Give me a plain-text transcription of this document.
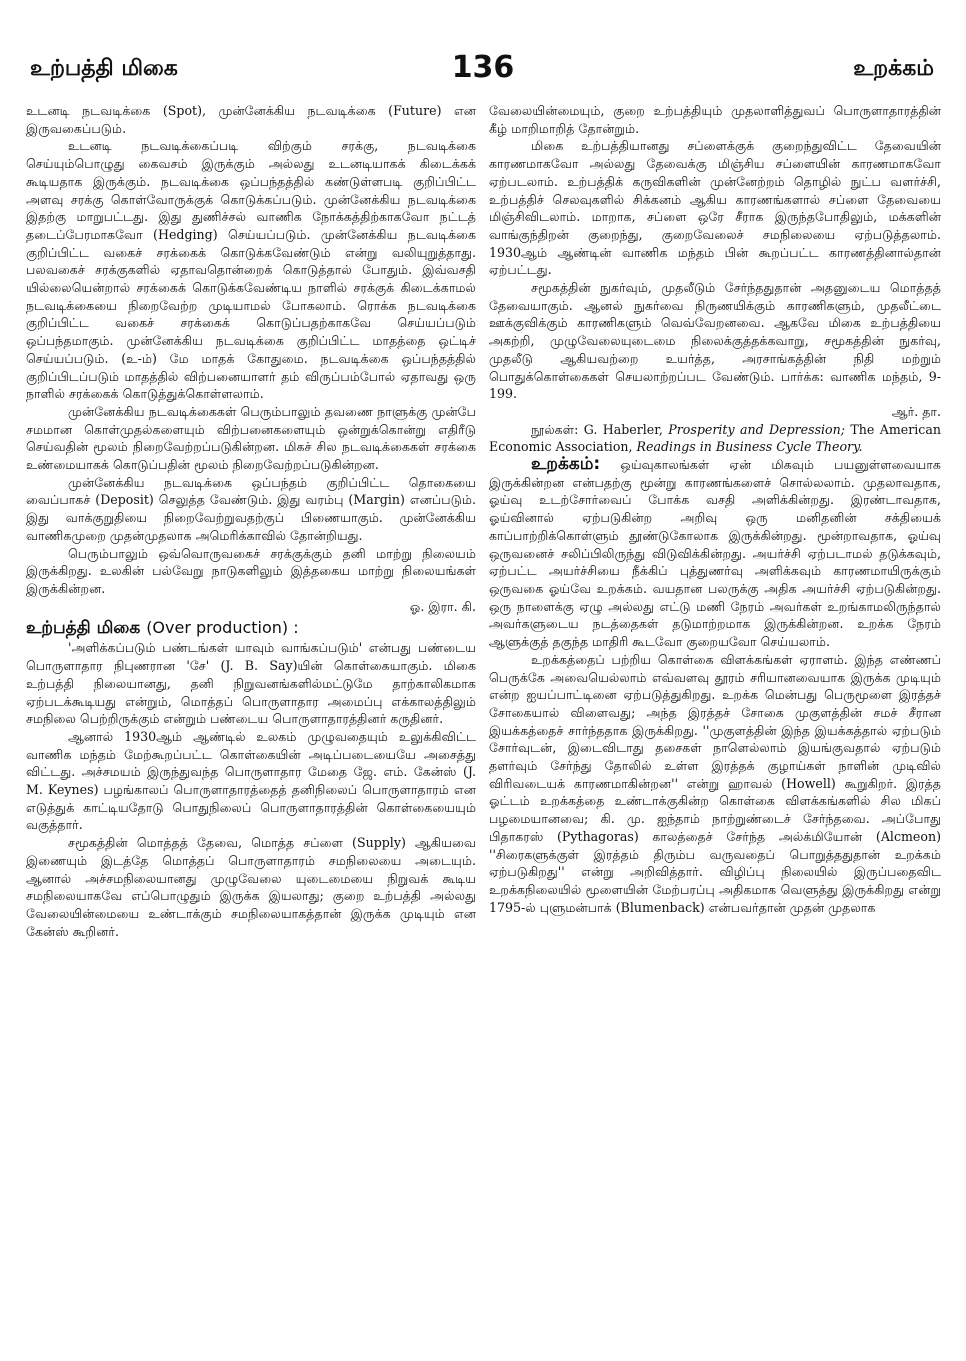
உற்பத்தி மிகை	136	உறக்கம்

உடனடி நடவடிக்கை (Spot), முன்னேக்கிய நடவடிக்கை (Future) என இருவகைப்படும்.

உடனடி நடவடிக்கைப்படி விற்கும் சரக்கு, நடவடிக்கை செய்யும்பொழுது கைவசம் இருக்கும் அல்லது உடனடியாகக் கிடைக்கக் கூடியதாக இருக்கும். நடவடிக்கை ஒப்பந்தத்தில் கண்டுள்ளபடி குறிப்பிட்ட அளவு சரக்கு கொள்வோருக்குக் கொடுக்கப்படும். முன்னேக்கிய நடவடிக்கை இதற்கு மாறுபட்டது. இது துணிச்சல் வாணிக நோக்கத்திற்காகவோ நட்டத் தடைப்பேரமாகவோ (Hedging) செய்யப்படும். முன்னேக்கிய நடவடிக்கை குறிப்பிட்ட வகைச் சரக்கைக் கொடுக்கவேண்டும் என்று வலியுறுத்தாது. பலவகைச் சரக்குகளில் ஏதாவதொன்றைக் கொடுத்தால் போதும். இவ்வசதி யில்லையென்றால் சரக்கைக் கொடுக்கவேண்டிய நாளில் சரக்குக் கிடைக்காமல் நடவடிக்கையை நிறைவேற்ற முடியாமல் போகலாம். ரொக்க நடவடிக்கை குறிப்பிட்ட வகைச் சரக்கைக் கொடுப்பதற்காகவே செய்யப்படும் ஒப்பந்தமாகும். முன்னேக்கிய நடவடிக்கை குறிப்பிட்ட மாதத்தை ஒட்டிச் செய்யப்படும். (உ-ம்) மே மாதக் கோதுமை. நடவடிக்கை ஒப்பந்தத்தில் குறிப்பிடப்படும் மாதத்தில் விற்பனையாளர் தம் விருப்பம்போல் ஏதாவது ஒரு நாளில் சரக்கைக் கொடுத்துக்கொள்ளலாம்.

முன்னேக்கிய நடவடிக்கைகள் பெரும்பாலும் தவணை நாளுக்கு முன்பே சமமான கொள்முதல்களையும் விற்பனைகளையும் ஒன்றுக்கொன்று எதிரீடு செய்வதின் மூலம் நிறைவேற்றப்படுகின்றன. மிகச் சில நடவடிக்கைகள் சரக்கை உண்மையாகக் கொடுப்பதின் மூலம் நிறைவேற்றப்படுகின்றன.

முன்னேக்கிய நடவடிக்கை ஒப்பந்தம் குறிப்பிட்ட தொகையை வைப்பாகச் (Deposit) செலுத்த வேண்டும். இது வரம்பு (Margin) எனப்படும். இது வாக்குறுதியை நிறைவேற்றுவதற்குப் பிணையாகும். முன்னேக்கிய வாணிகமுறை முதன்முதலாக அமெரிக்காவில் தோன்றியது.

பெரும்பாலும் ஒவ்வொருவகைச் சரக்குக்கும் தனி மாற்று நிலையம் இருக்கிறது. உலகின் பல்வேறு நாடுகளிலும் இத்தகைய மாற்று நிலையங்கள் இருக்கின்றன.

ஓ. இரா. கி.
உற்பத்தி மிகை (Over production) :

'அளிக்கப்படும் பண்டங்கள் யாவும் வாங்கப்படும்' என்பது பண்டைய பொருளாதார நிபுணரான 'சே' (J. B. Say)யின் கொள்கையாகும். மிகை உற்பத்தி நிலையானது, தனி நிறுவனங்களில்மட்டுமே தாற்காலிகமாக ஏற்படக்கூடியது என்றும், மொத்தப் பொருளாதார அமைப்பு எக்காலத்திலும் சமநிலை பெற்றிருக்கும் என்றும் பண்டைய பொருளாதாரத்தினர் கருதினர்.

ஆனால் 1930ஆம் ஆண்டில் உலகம் முழுவதையும் உலுக்கிவிட்ட வாணிக மந்தம் மேற்கூறப்பட்ட கொள்கையின் அடிப்படையையே அசைத்து விட்டது. அச்சமயம் இருந்துவந்த பொருளாதார மேதை ஜே. எம். கேன்ஸ் (J. M. Keynes) பழங்காலப் பொருளாதாரத்தைத் தனிநிலைப் பொருளாதாரம் என எடுத்துக் காட்டியதோடு பொதுநிலைப் பொருளாதாரத்தின் கொள்கையையும் வகுத்தார்.

சமூகத்தின் மொத்தத் தேவை, மொத்த சப்ளை (Supply) ஆகியவை இணையும் இடத்தே மொத்தப் பொருளாதாரம் சமநிலையை அடையும். ஆனால் அச்சமநிலையானது முழுவேலை யுடைமையை நிறுவக் கூடிய சமநிலையாகவே எப்பொழுதும் இருக்க இயலாது; குறை உற்பத்தி அல்லது வேலையின்மையை உண்டாக்கும் சமநிலையாகத்தான் இருக்க முடியும் என கேன்ஸ் கூறினர்.

வேலையின்மையும், குறை உற்பத்தியும் முதலாளித்துவப் பொருளாதாரத்தின் கீழ் மாறிமாறித் தோன்றும்.

மிகை உற்பத்தியானது சப்ளைக்குக் குறைந்துவிட்ட தேவையின் காரணமாகவோ அல்லது தேவைக்கு மிஞ்சிய சப்ளையின் காரணமாகவோ ஏற்படலாம். உற்பத்திக் கருவிகளின் முன்னேற்றம் தொழில் நுட்ப வளர்ச்சி, உற்பத்திச் செலவுகளில் சிக்கனம் ஆகிய காரணங்களால் சப்ளை தேவையை மிஞ்சிவிடலாம். மாறாக, சப்ளை ஒரே சீராக இருந்தபோதிலும், மக்களின் வாங்குந்திறன் குறைந்து, குறைவேலைச் சமநிலையை ஏற்படுத்தலாம். 1930ஆம் ஆண்டின் வாணிக மந்தம் பின் கூறப்பட்ட காரணத்தினால்தான் ஏற்பட்டது.

சமூகத்தின் நுகர்வும், முதலீடும் சேர்ந்ததுதான் அதனுடைய மொத்தத் தேவையாகும். ஆனல் நுகர்வை நிருணயிக்கும் காரணிகளும், முதலீட்டை ஊக்குவிக்கும் காரணிகளும் வெவ்வேறனவை. ஆகவே மிகை உற்பத்தியை அகற்றி, முழுவேலையுடைமை நிலைக்குத்தக்கவாறு, சமூகத்தின் நுகர்வு, முதலீடு ஆகியவற்றை உயர்த்த, அரசாங்கத்தின் நிதி மற்றும் பொதுக்கொள்கைகள் செயலாற்றப்பட வேண்டும். பார்க்க: வாணிக மந்தம், 9-199.

ஆர். தா.

நூல்கள்: G. Haberler, Prosperity and Depression; The American Economic Association, Readings in Business Cycle Theory.

உறக்கம்: ஒய்வுகாலங்கள் ஏன் மிகவும் பயனுள்ளவையாக இருக்கின்றன என்பதற்கு மூன்று காரணங்களைச் சொல்லலாம். முதலாவதாக, ஓய்வு உடற்சோர்வைப் போக்க வசதி அளிக்கின்றது. இரண்டாவதாக, ஓய்வினால் ஏற்படுகின்ற அறிவு ஒரு மனிதனின் சக்தியைக் காப்பாற்றிக்கொள்ளும் தூண்டுகோலாக இருக்கின்றது. மூன்றாவதாக, ஓய்வு ஒருவனைச் சலிப்பிலிருந்து விடுவிக்கின்றது. அயர்ச்சி ஏற்படாமல் தடுக்கவும், ஏற்பட்ட அயர்ச்சியை நீக்கிப் புத்துணர்வு அளிக்கவும் காரணமாயிருக்கும் ஒருவகை ஓய்வே உறக்கம். வயதான பலருக்கு அதிக அயர்ச்சி ஏற்படுகின்றது. ஒரு நாளைக்கு ஏழு அல்லது எட்டு மணி நேரம் அவர்கள் உறங்காமலிருந்தால் அவர்களுடைய நடத்தைகள் தடுமாற்றமாக இருக்கின்றன. உறக்க நேரம் ஆளுக்குத் தகுந்த மாதிரி கூடவோ குறையவோ செய்யலாம்.

உறக்கத்தைப் பற்றிய கொள்கை விளக்கங்கள் ஏராளம். இந்த எண்ணப் பெருக்கே அவையெல்லாம் எவ்வளவு தூரம் சரியானவையாக இருக்க முடியும் என்ற ஐயப்பாட்டினை ஏற்படுத்துகிறது. உறக்க மென்பது பெருமூளை இரத்தச் சோகையால் விளைவது; அந்த இரத்தச் சோகை முகுளத்தின் சமச் சீரான இயக்கத்தைச் சார்ந்ததாக இருக்கிறது. ''முகுளத்தின் இந்த இயக்கத்தால் ஏற்படும் சோர்வுடன், இடைவிடாது தசைகள் நாளெல்லாம் இயங்குவதால் ஏற்படும் தளர்வும் சேர்ந்து தோலில் உள்ள இரத்தக் குழாய்கள் நாளின் முடிவில் விரிவடையக் காரணமாகின்றன'' என்று ஹாவல் (Howell) கூறுகிறர். இரத்த ஓட்டம் உறக்கத்தை உண்டாக்குகின்ற கொள்கை விளக்கங்களில் சில மிகப் பழமையானவை; கி. மு. ஐந்தாம் நாற்றுண்டைச் சேர்ந்தவை. அப்போது பிதாகரஸ் (Pythagoras) காலத்தைச் சேர்ந்த அல்க்மியோன் (Alcmeon) ''சிரைகளுக்குள் இரத்தம் திரும்ப வருவதைப் பொறுத்ததுதான் உறக்கம் ஏற்படுகிறது'' என்று அறிவித்தார். விழிப்பு நிலையில் இருப்பதைவிட உறக்கநிலையில் மூளையின் மேற்பரப்பு அதிகமாக வெளுத்து இருக்கிறது என்று 1795-ல் புளுமன்பாக் (Blumenback) என்பவர்தான் முதன் முதலாக
